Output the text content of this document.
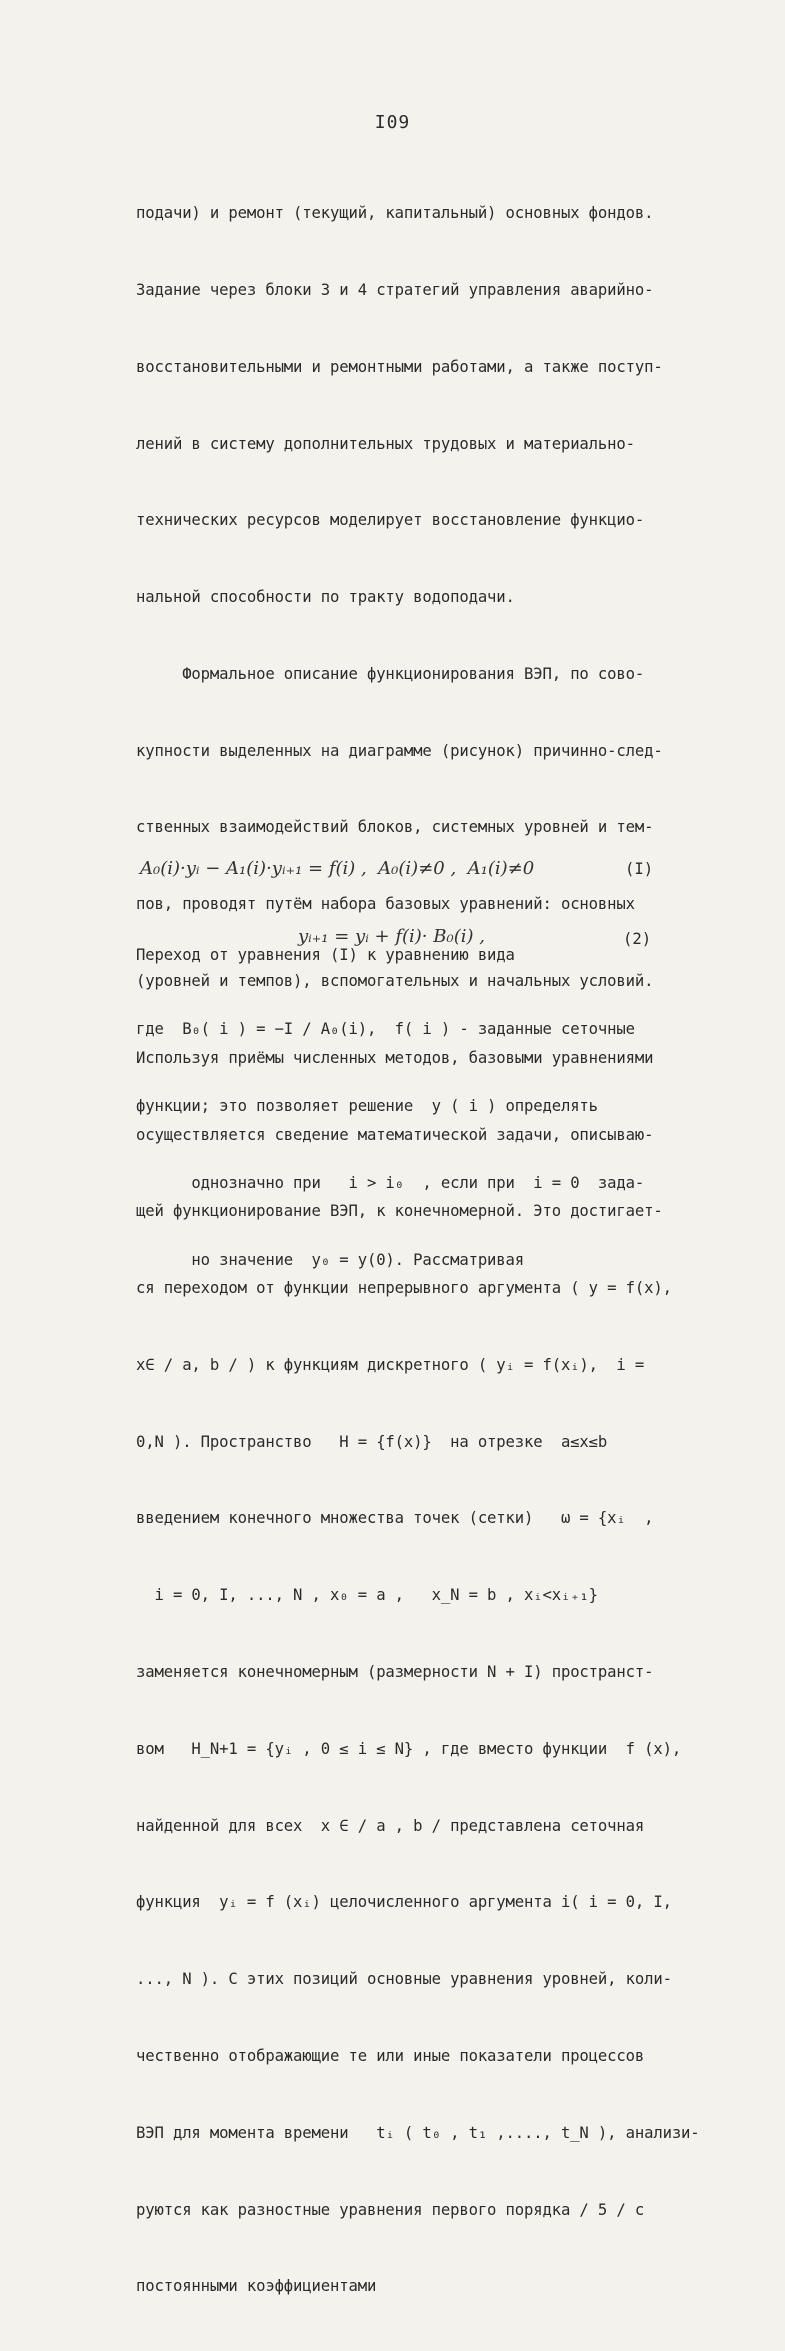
I09

подачи) и ремонт (текущий, капитальный) основных фондов.

Задание через блоки 3 и 4 стратегий управления аварийно-

восстановительными и ремонтными работами, а также поступ-

лений в систему дополнительных трудовых и материально-

технических ресурсов моделирует восстановление функцио-

нальной способности по тракту водоподачи.

Формальное описание функционирования ВЭП, по сово-

купности выделенных на диаграмме (рисунок) причинно-след-

ственных взаимодействий блоков, системных уровней и тем-

пов, проводят путём набора базовых уравнений: основных

(уровней и темпов), вспомогательных и начальных условий.

Используя приёмы численных методов, базовыми уравнениями

осуществляется сведение математической задачи, описываю-

щей функционирование ВЭП, к конечномерной. Это достигает-

ся переходом от функции непрерывного аргумента ( y = f(x),

x∈ / a, b / ) к функциям дискретного ( yᵢ = f(xᵢ),  i =

0,N ). Пространство   H = {f(x)}  на отрезке  a≤x≤b

введением конечного множества точек (сетки)   ω = {xᵢ  ,

i = 0, I, ..., N , x₀ = a ,   x_N = b , xᵢ<xᵢ₊₁}

заменяется конечномерным (размерности N + I) пространст-

вом   H_N+1 = {yᵢ , 0 ≤ i ≤ N} , где вместо функции  f (x),

найденной для всех  x ∈ / a , b / представлена сеточная

функция  yᵢ = f (xᵢ) целочисленного аргумента i( i = 0, I,

..., N ). С этих позиций основные уравнения уровней, коли-

чественно отображающие те или иные показатели процессов

ВЭП для момента времени   tᵢ ( t₀ , t₁ ,...., t_N ), анализи-

руются как разностные уравнения первого порядка / 5 / с

постоянными коэффициентами

A₀(i)·yᵢ − A₁(i)·yᵢ₊₁ = f(i) ,  A₀(i)≠0 ,  A₁(i)≠0	(I)

Переход от уравнения (I) к уравнению вида

yᵢ₊₁ = yᵢ + f(i)· B₀(i) ,	(2)

где  B₀( i ) = −I / A₀(i),  f( i ) - заданные сеточные

функции; это позволяет решение  y ( i ) определять

однозначно при   i > i₀  , если при  i = 0  зада-

но значение  y₀ = y(0). Рассматривая
